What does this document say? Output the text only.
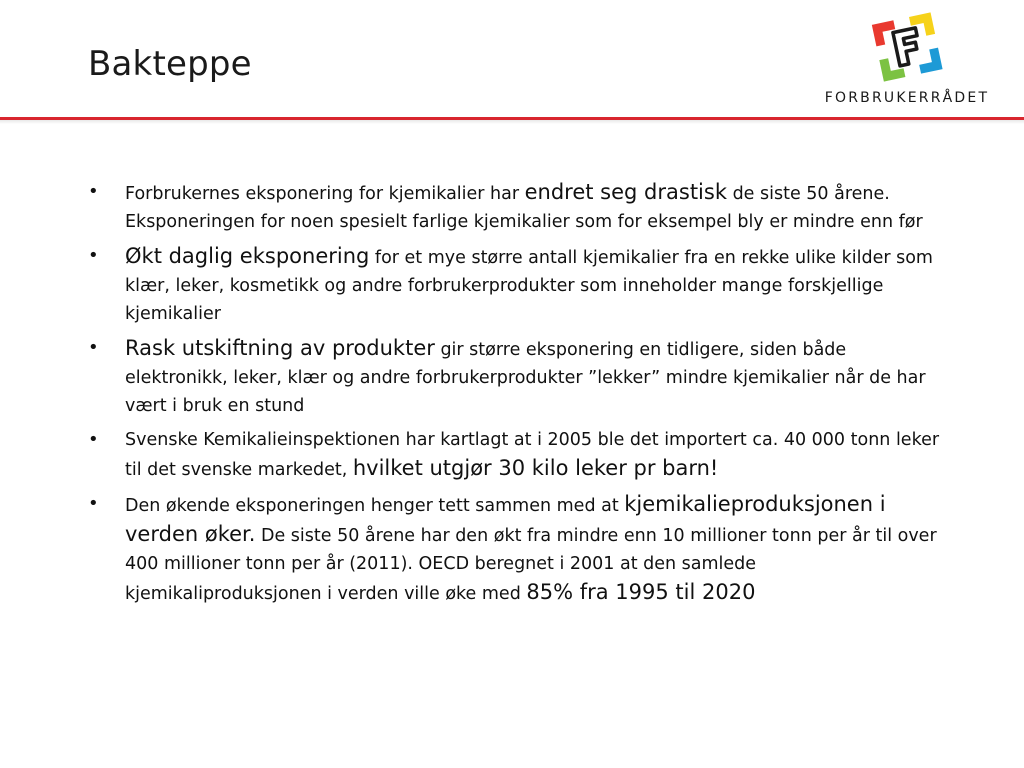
Bakteppe
FORBRUKERRÅDET
• Forbrukernes eksponering for kjemikalier har endret seg drastisk de siste 50 årene. Eksponeringen for noen spesielt farlige kjemikalier som for eksempel bly er mindre enn før
• Økt daglig eksponering for et mye større antall kjemikalier fra en rekke ulike kilder som klær, leker, kosmetikk og andre forbrukerprodukter som inneholder mange forskjellige kjemikalier
• Rask utskiftning av produkter gir større eksponering en tidligere, siden både elektronikk, leker, klær og andre forbrukerprodukter ”lekker” mindre kjemikalier når de har vært i bruk en stund
• Svenske Kemikalieinspektionen har kartlagt at i 2005 ble det importert ca. 40 000 tonn leker til det svenske markedet, hvilket utgjør 30 kilo leker pr barn!
• Den økende eksponeringen henger tett sammen med at kjemikalieproduksjonen i verden øker. De siste 50 årene har den økt fra mindre enn 10 millioner tonn per år til over 400 millioner tonn per år (2011). OECD beregnet i 2001 at den samlede kjemikaliproduksjonen i verden ville øke med 85% fra 1995 til 2020
